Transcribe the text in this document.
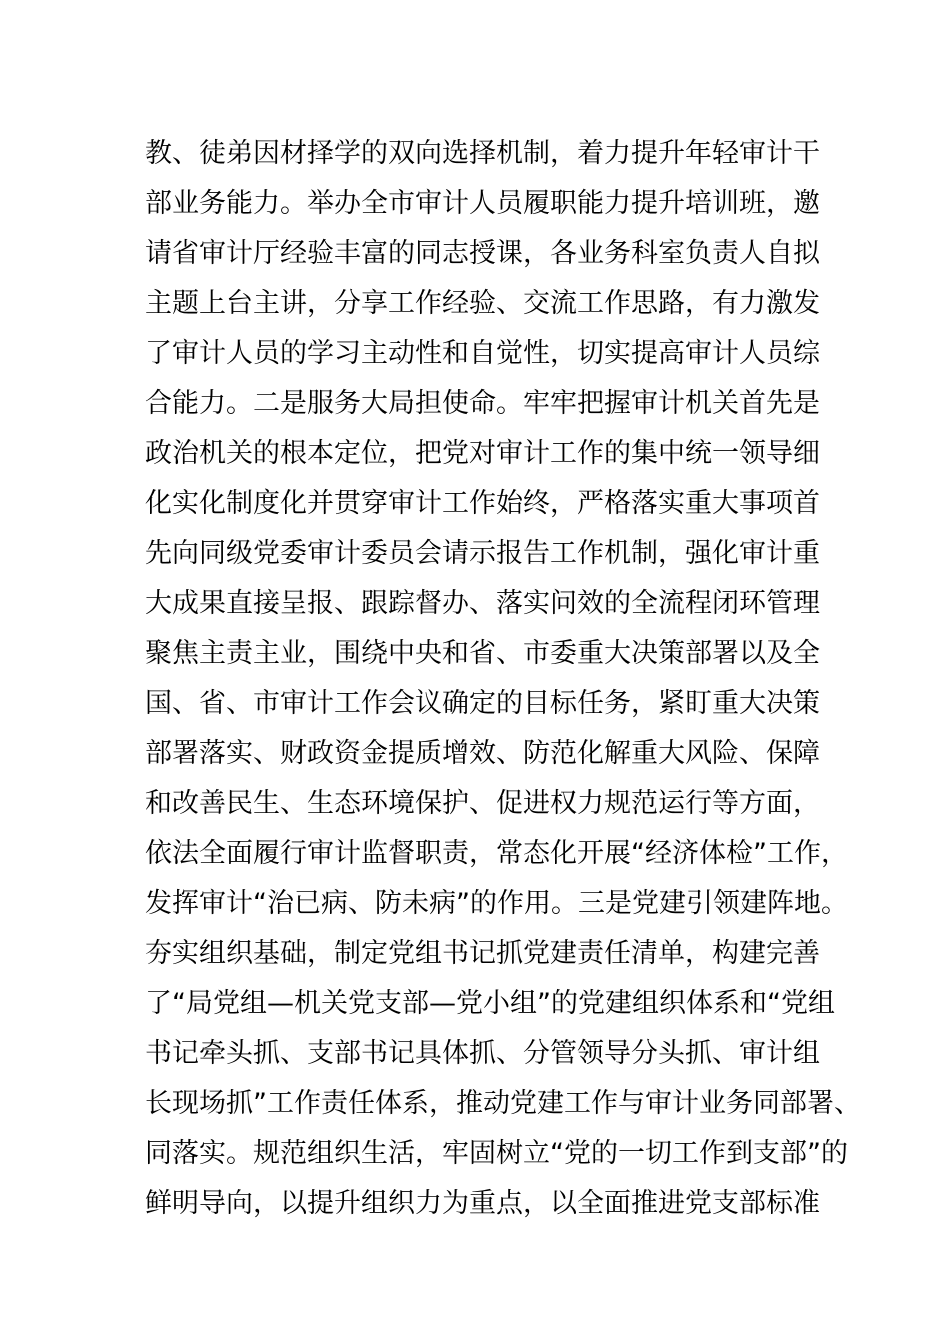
教、徒弟因材择学的双向选择机制，着力提升年轻审计干
部业务能力。举办全市审计人员履职能力提升培训班，邀
请省审计厅经验丰富的同志授课，各业务科室负责人自拟
主题上台主讲，分享工作经验、交流工作思路，有力激发
了审计人员的学习主动性和自觉性，切实提高审计人员综
合能力。二是服务大局担使命。牢牢把握审计机关首先是
政治机关的根本定位，把党对审计工作的集中统一领导细
化实化制度化并贯穿审计工作始终，严格落实重大事项首
先向同级党委审计委员会请示报告工作机制，强化审计重
大成果直接呈报、跟踪督办、落实问效的全流程闭环管理
聚焦主责主业，围绕中央和省、市委重大决策部署以及全
国、省、市审计工作会议确定的目标任务，紧盯重大决策
部署落实、财政资金提质增效、防范化解重大风险、保障
和改善民生、生态环境保护、促进权力规范运行等方面，
依法全面履行审计监督职责，常态化开展“经济体检”工作，
发挥审计“治已病、防未病”的作用。三是党建引领建阵地。
夯实组织基础，制定党组书记抓党建责任清单，构建完善
了“局党组—机关党支部—党小组”的党建组织体系和“党组
书记牵头抓、支部书记具体抓、分管领导分头抓、审计组
长现场抓”工作责任体系，推动党建工作与审计业务同部署、
同落实。规范组织生活，牢固树立“党的一切工作到支部”的
鲜明导向，以提升组织力为重点，以全面推进党支部标准
